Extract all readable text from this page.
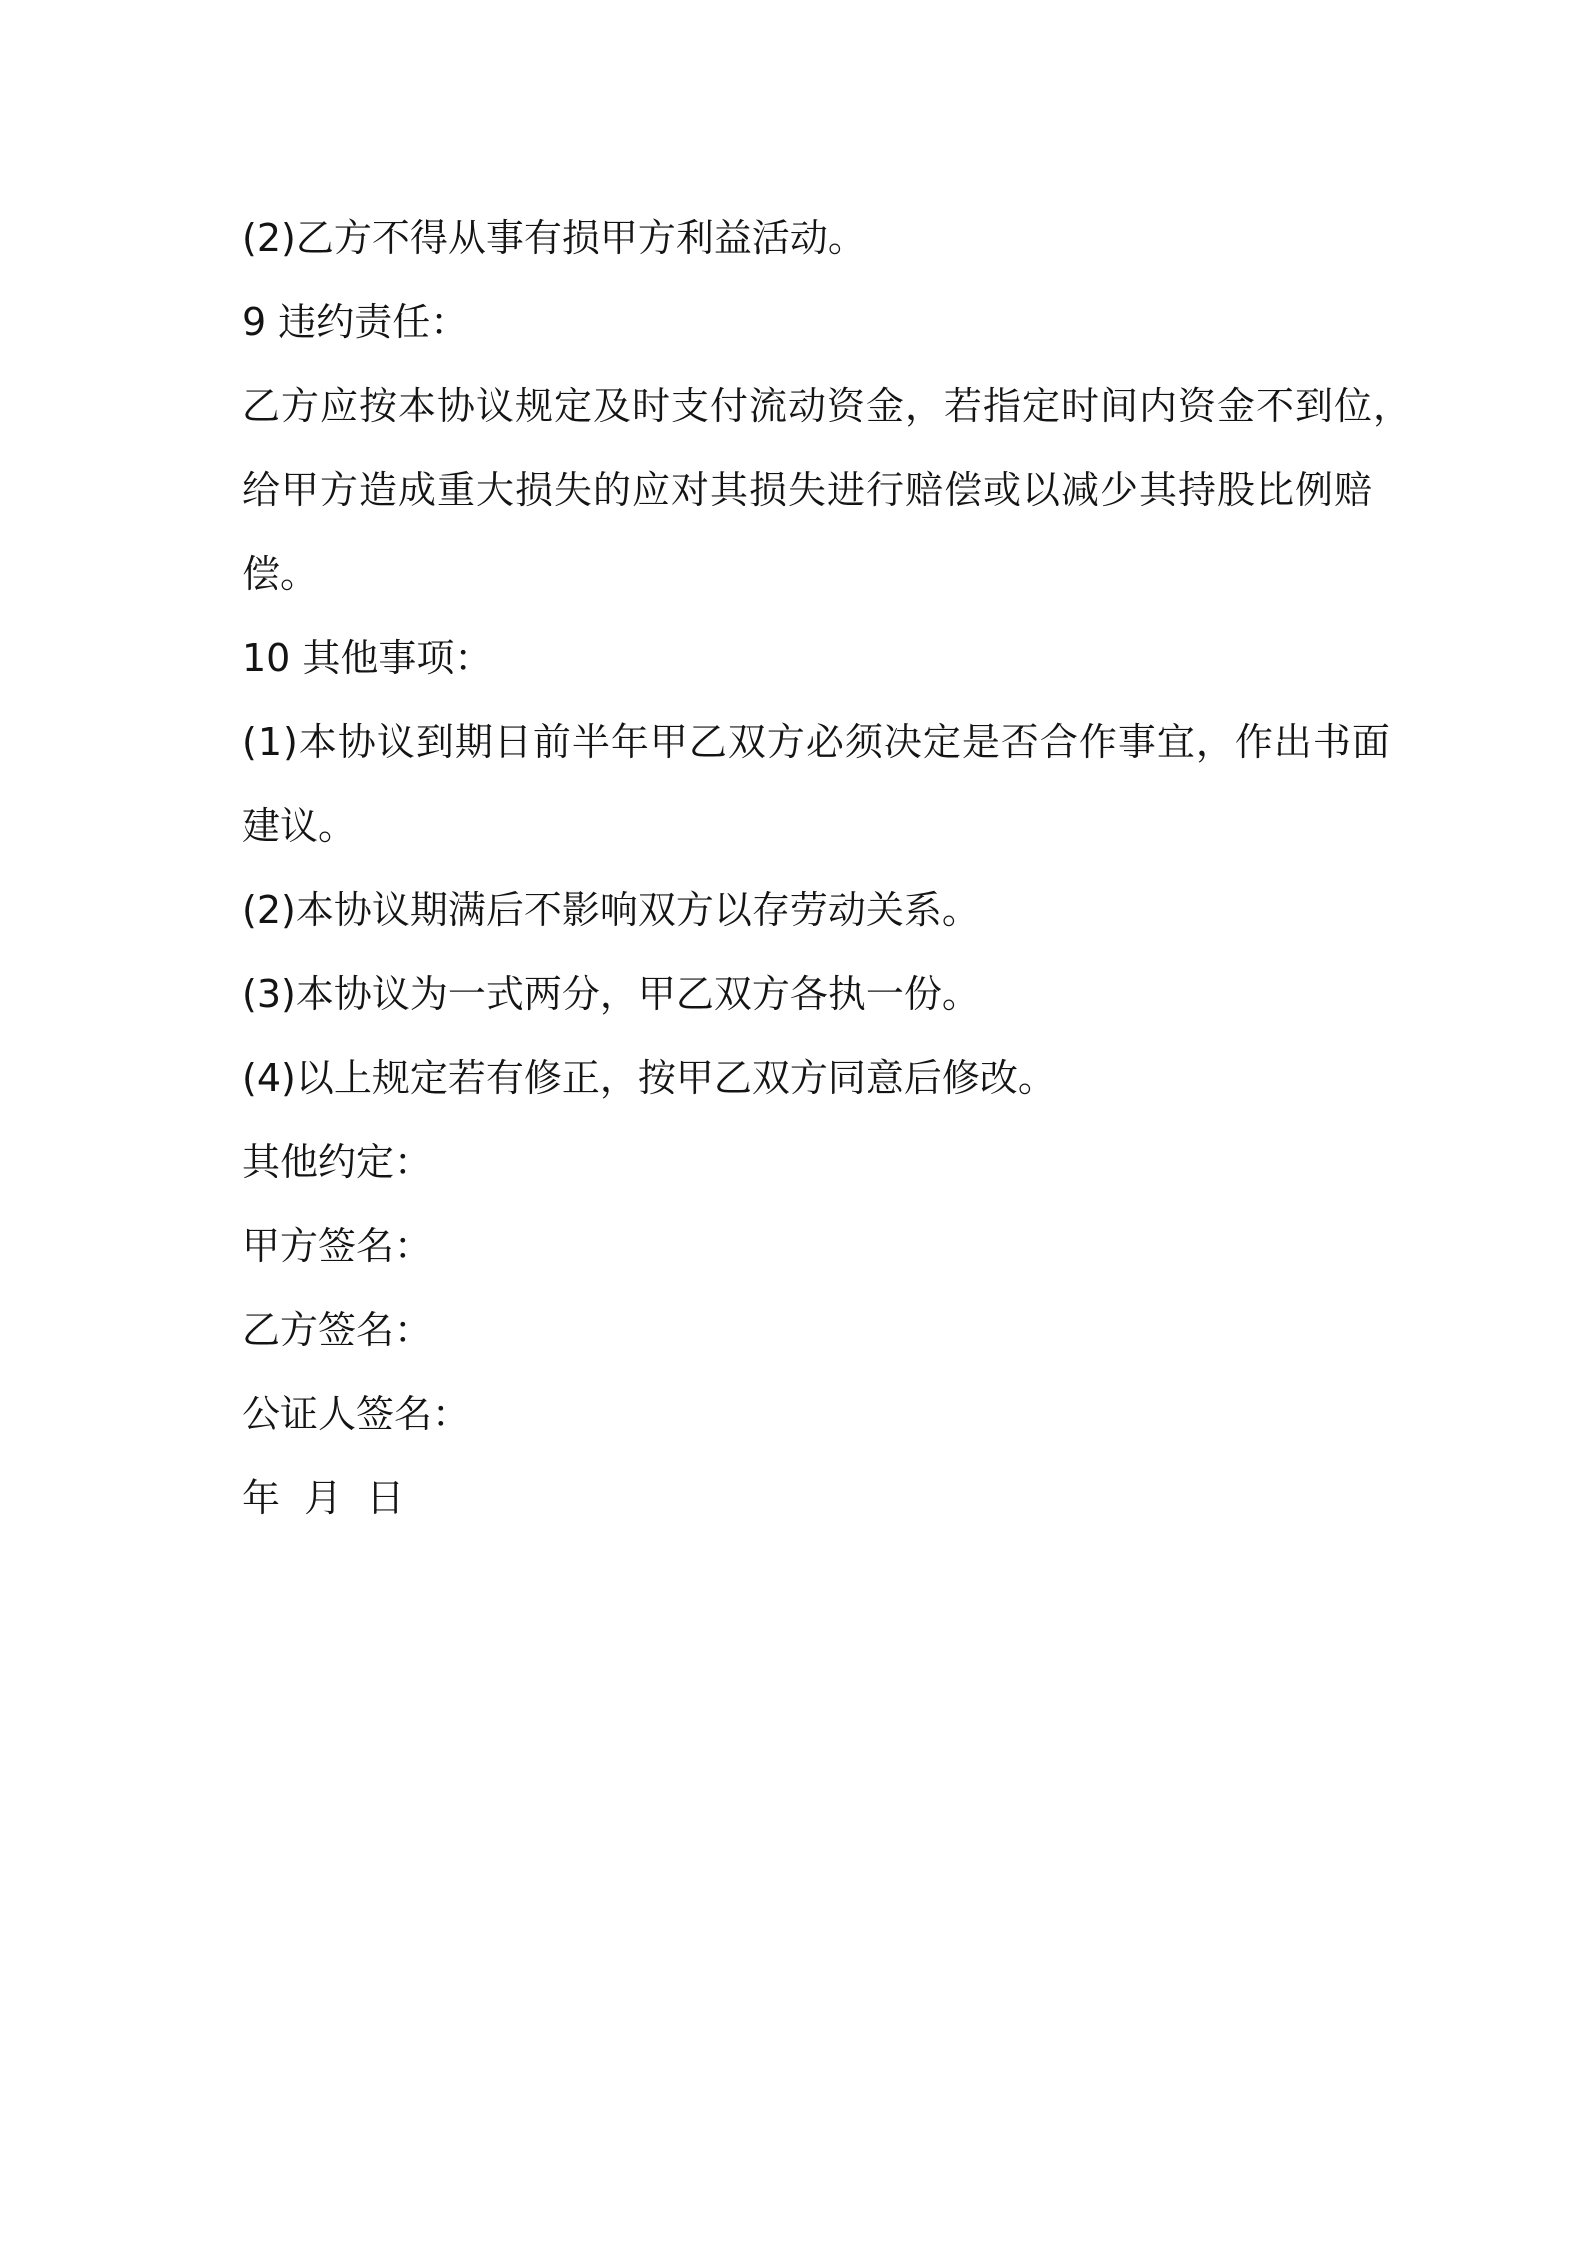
(2)乙方不得从事有损甲方利益活动。
9 违约责任：
乙方应按本协议规定及时支付流动资金，若指定时间内资金不到位，
给甲方造成重大损失的应对其损失进行赔偿或以减少其持股比例赔
偿。
10 其他事项：
(1)本协议到期日前半年甲乙双方必须决定是否合作事宜，作出书面
建议。
(2)本协议期满后不影响双方以存劳动关系。
(3)本协议为一式两分，甲乙双方各执一份。
(4)以上规定若有修正，按甲乙双方同意后修改。
其他约定：
甲方签名：
乙方签名：
公证人签名：
年  月  日
